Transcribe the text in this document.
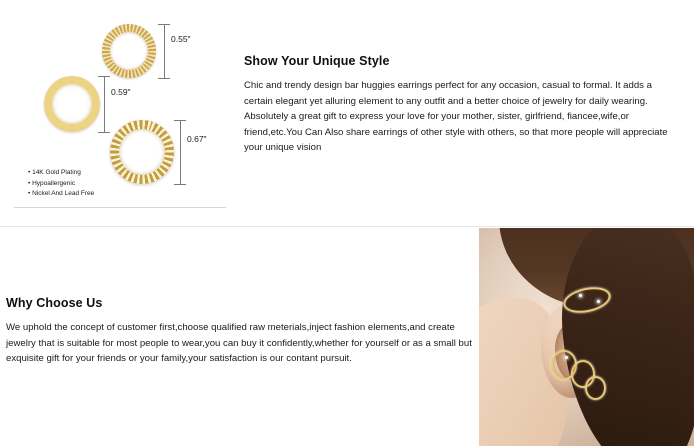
0.55"
0.59"
0.67"
• 14K Gold Plating
• Hypoallergenic
• Nickel And Lead Free
Show Your Unique Style

Chic and trendy design bar huggies earrings perfect for any occasion, casual to formal. It adds a certain elegant yet alluring element to any outfit and a better choice of jewelry for daily wearing. Absolutely a great gift to express your love for your mother, sister, girlfriend, fiancee,wife,or friend,etc.You Can Also share earrings of other style with others, so that more people will appreciate your unique vision

Why Choose Us

We uphold the concept of customer first,choose qualified raw meterials,inject fashion elements,and create jewelry that is suitable for most people to wear,you can buy it confidently,whether for yourself or as a small but exquisite gift for your friends or your family,your satisfaction is our contant pursuit.
